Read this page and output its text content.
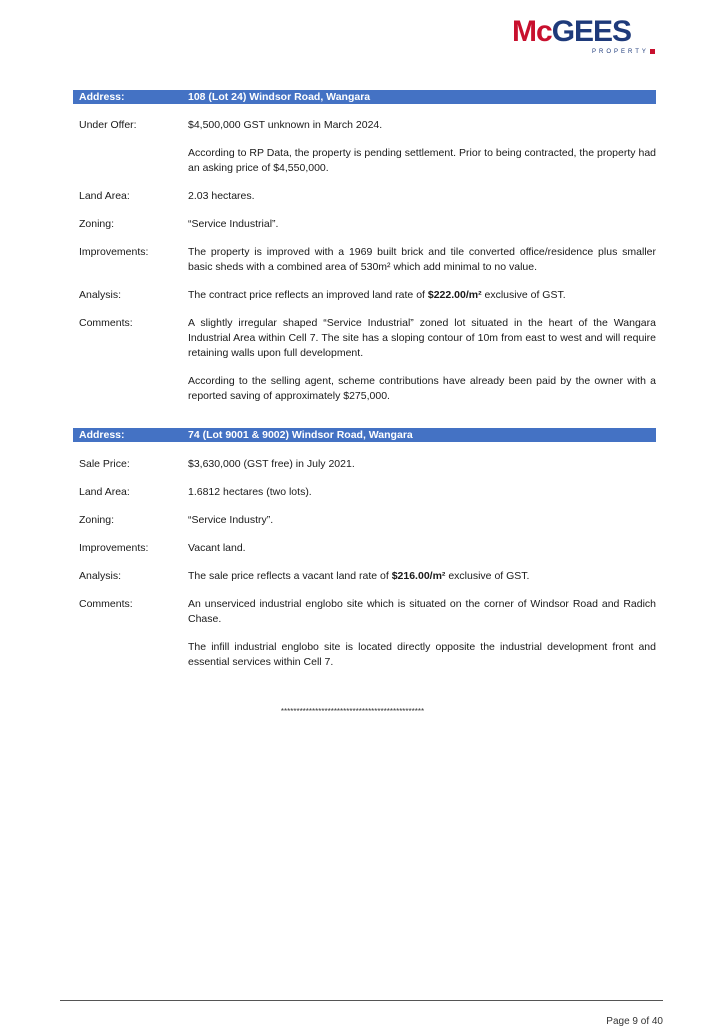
McGEES
PROPERTY
Address:	108 (Lot 24) Windsor Road, Wangara
Under Offer:	$4,500,000 GST unknown in March 2024.

According to RP Data, the property is pending settlement. Prior to being contracted, the property had an asking price of $4,550,000.

Land Area:	2.03 hectares.

Zoning:	“Service Industrial”.

Improvements:	The property is improved with a 1969 built brick and tile converted office/residence plus smaller basic sheds with a combined area of 530m² which add minimal to no value.

Analysis:	The contract price reflects an improved land rate of $222.00/m² exclusive of GST.

Comments:	A slightly irregular shaped “Service Industrial” zoned lot situated in the heart of the Wangara Industrial Area within Cell 7. The site has a sloping contour of 10m from east to west and will require retaining walls upon full development.

According to the selling agent, scheme contributions have already been paid by the owner with a reported saving of approximately $275,000.

Address:	74 (Lot 9001 & 9002) Windsor Road, Wangara
Sale Price:	$3,630,000 (GST free) in July 2021.

Land Area:	1.6812 hectares (two lots).

Zoning:	“Service Industry”.

Improvements:	Vacant land.

Analysis:	The sale price reflects a vacant land rate of $216.00/m² exclusive of GST.

Comments:	An unserviced industrial englobo site which is situated on the corner of Windsor Road and Radich Chase.

The infill industrial englobo site is located directly opposite the industrial development front and essential services within Cell 7.

**********************************************
Page 9 of 40
